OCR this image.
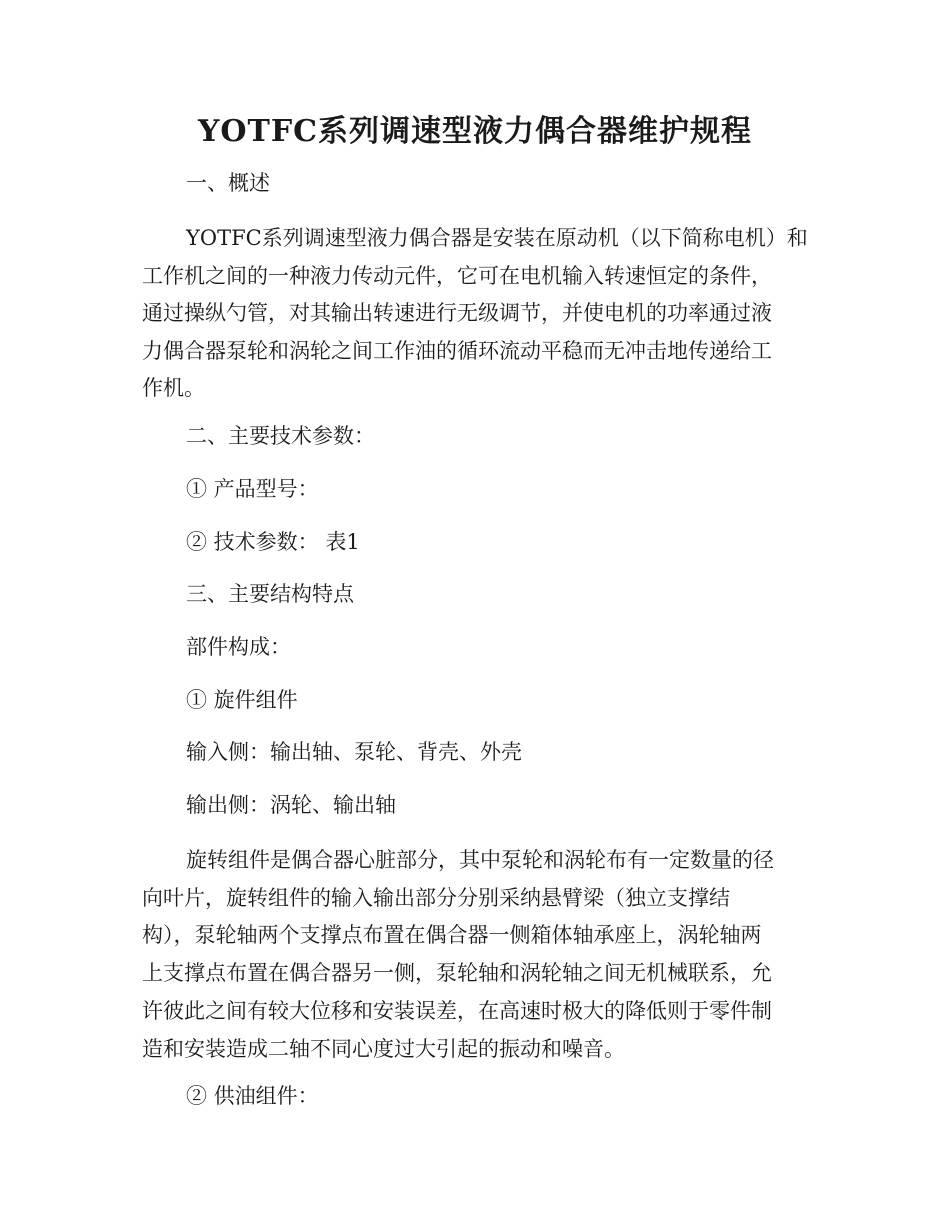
YOTFC系列调速型液力偶合器维护规程

一、概述

YOTFC系列调速型液力偶合器是安装在原动机（以下简称电机）和
工作机之间的一种液力传动元件，它可在电机输入转速恒定的条件，
通过操纵勺管，对其输出转速进行无级调节，并使电机的功率通过液
力偶合器泵轮和涡轮之间工作油的循环流动平稳而无冲击地传递给工
作机。

二、主要技术参数：

① 产品型号：

② 技术参数： 表1

三、主要结构特点

部件构成：

① 旋件组件

输入侧：输出轴、泵轮、背壳、外壳

输出侧：涡轮、输出轴

旋转组件是偶合器心脏部分，其中泵轮和涡轮布有一定数量的径
向叶片，旋转组件的输入输出部分分别采纳悬臂梁（独立支撑结
构），泵轮轴两个支撑点布置在偶合器一侧箱体轴承座上，涡轮轴两
上支撑点布置在偶合器另一侧，泵轮轴和涡轮轴之间无机械联系，允
许彼此之间有较大位移和安装误差，在高速时极大的降低则于零件制
造和安装造成二轴不同心度过大引起的振动和噪音。

② 供油组件：
